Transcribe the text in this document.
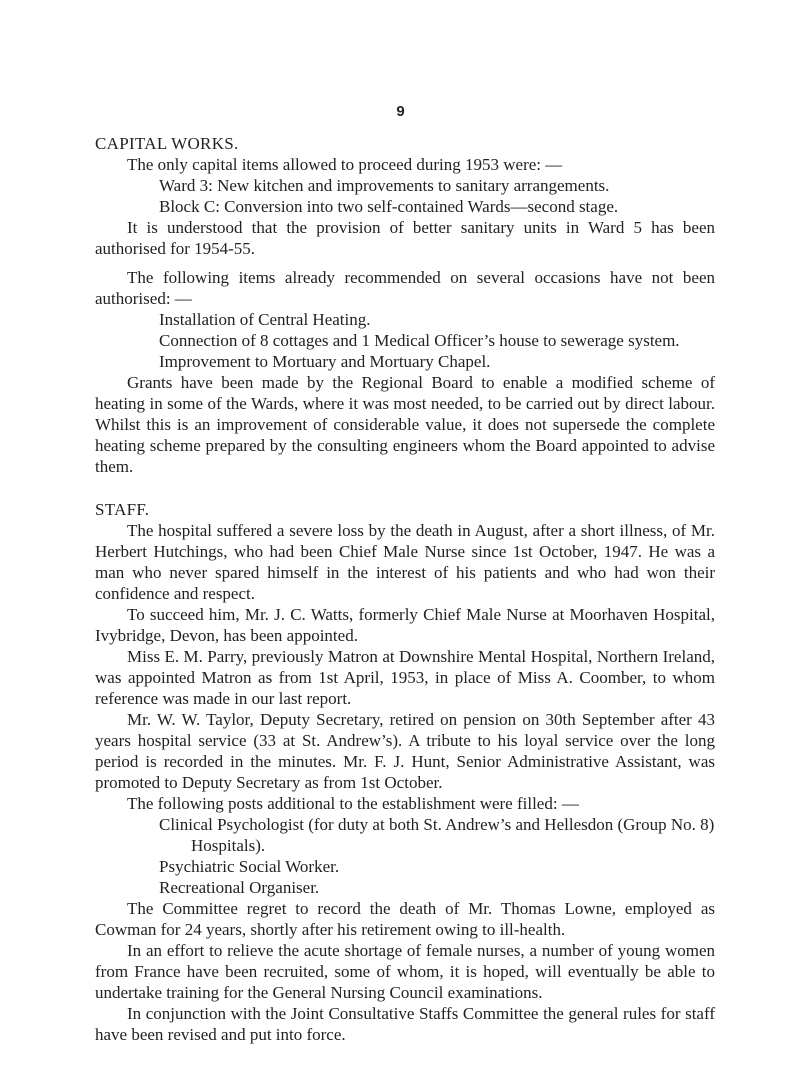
9
CAPITAL WORKS.

The only capital items allowed to proceed during 1953 were: —

Ward 3: New kitchen and improvements to sanitary arrangements.
Block C: Conversion into two self-contained Wards—second stage.

It is understood that the provision of better sanitary units in Ward 5 has been authorised for 1954-55.

The following items already recommended on several occasions have not been authorised: —

Installation of Central Heating.
Connection of 8 cottages and 1 Medical Officer’s house to sewerage system.
Improvement to Mortuary and Mortuary Chapel.

Grants have been made by the Regional Board to enable a modified scheme of heating in some of the Wards, where it was most needed, to be carried out by direct labour. Whilst this is an improvement of considerable value, it does not supersede the complete heating scheme prepared by the consulting engineers whom the Board appointed to advise them.

STAFF.

The hospital suffered a severe loss by the death in August, after a short illness, of Mr. Herbert Hutchings, who had been Chief Male Nurse since 1st October, 1947. He was a man who never spared himself in the interest of his patients and who had won their confidence and respect.

To succeed him, Mr. J. C. Watts, formerly Chief Male Nurse at Moorhaven Hospital, Ivybridge, Devon, has been appointed.

Miss E. M. Parry, previously Matron at Downshire Mental Hospital, Northern Ireland, was appointed Matron as from 1st April, 1953, in place of Miss A. Coomber, to whom reference was made in our last report.

Mr. W. W. Taylor, Deputy Secretary, retired on pension on 30th September after 43 years hospital service (33 at St. Andrew’s). A tribute to his loyal service over the long period is recorded in the minutes. Mr. F. J. Hunt, Senior Administrative Assistant, was promoted to Deputy Secretary as from 1st October.

The following posts additional to the establishment were filled: —

Clinical Psychologist (for duty at both St. Andrew’s and Hellesdon (Group No. 8) Hospitals).
Psychiatric Social Worker.
Recreational Organiser.

The Committee regret to record the death of Mr. Thomas Lowne, employed as Cowman for 24 years, shortly after his retirement owing to ill-health.

In an effort to relieve the acute shortage of female nurses, a number of young women from France have been recruited, some of whom, it is hoped, will eventually be able to undertake training for the General Nursing Council examinations.

In conjunction with the Joint Consultative Staffs Committee the general rules for staff have been revised and put into force.
